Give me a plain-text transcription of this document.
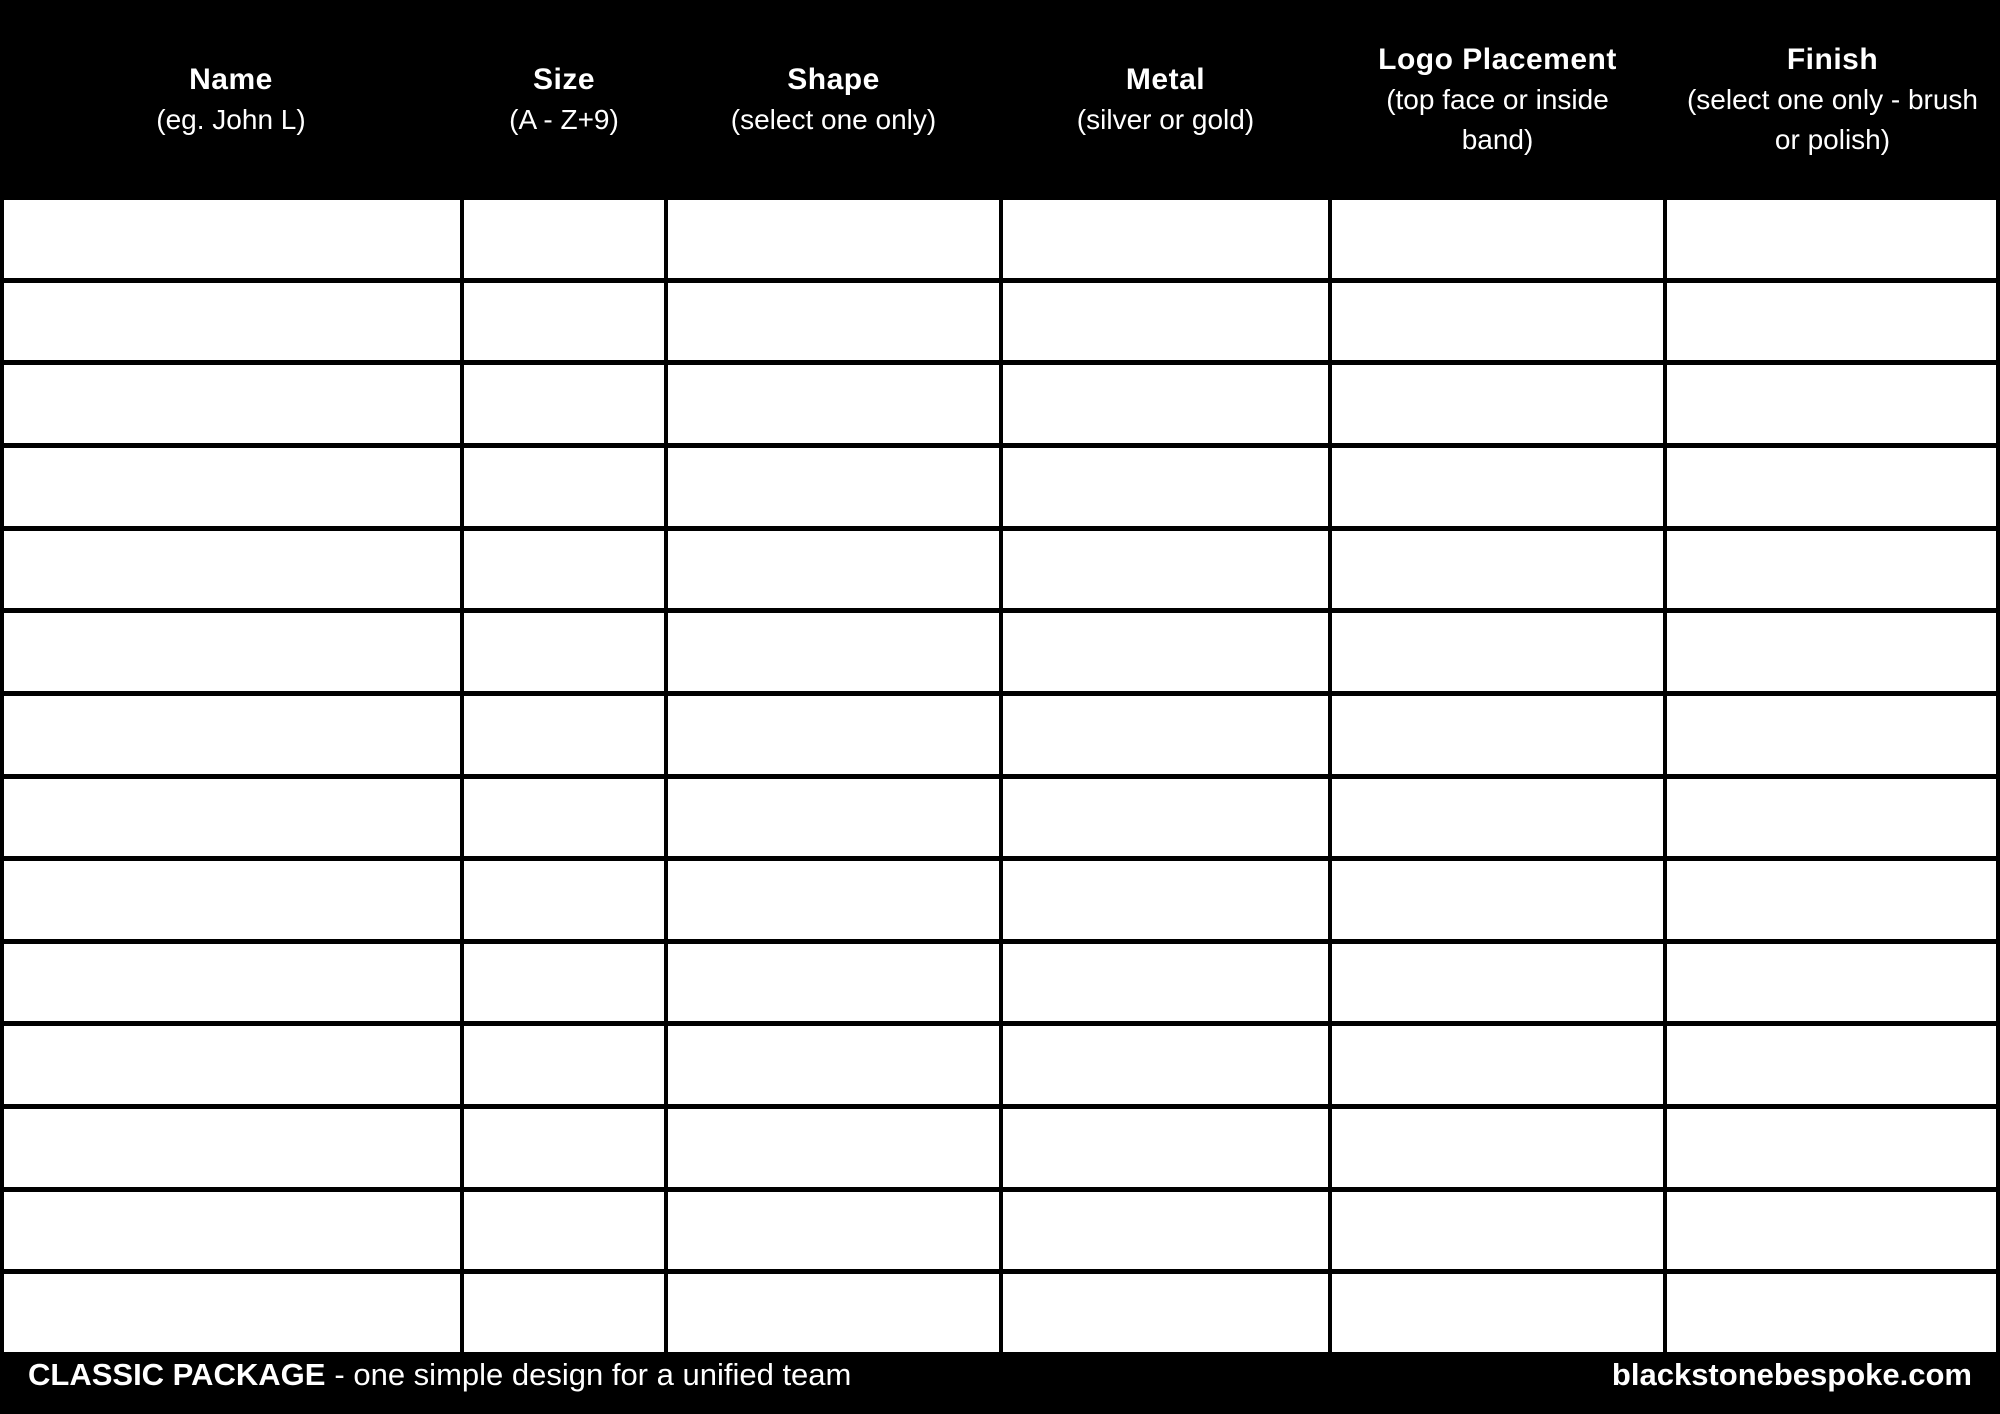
Name
(eg. John L)
Size
(A - Z+9)
Shape
(select one only)
Metal
(silver or gold)
Logo Placement
(top face or inside band)
Finish
(select one only - brush or polish)
CLASSIC PACKAGE - one simple design for a unified team	blackstonebespoke.com
